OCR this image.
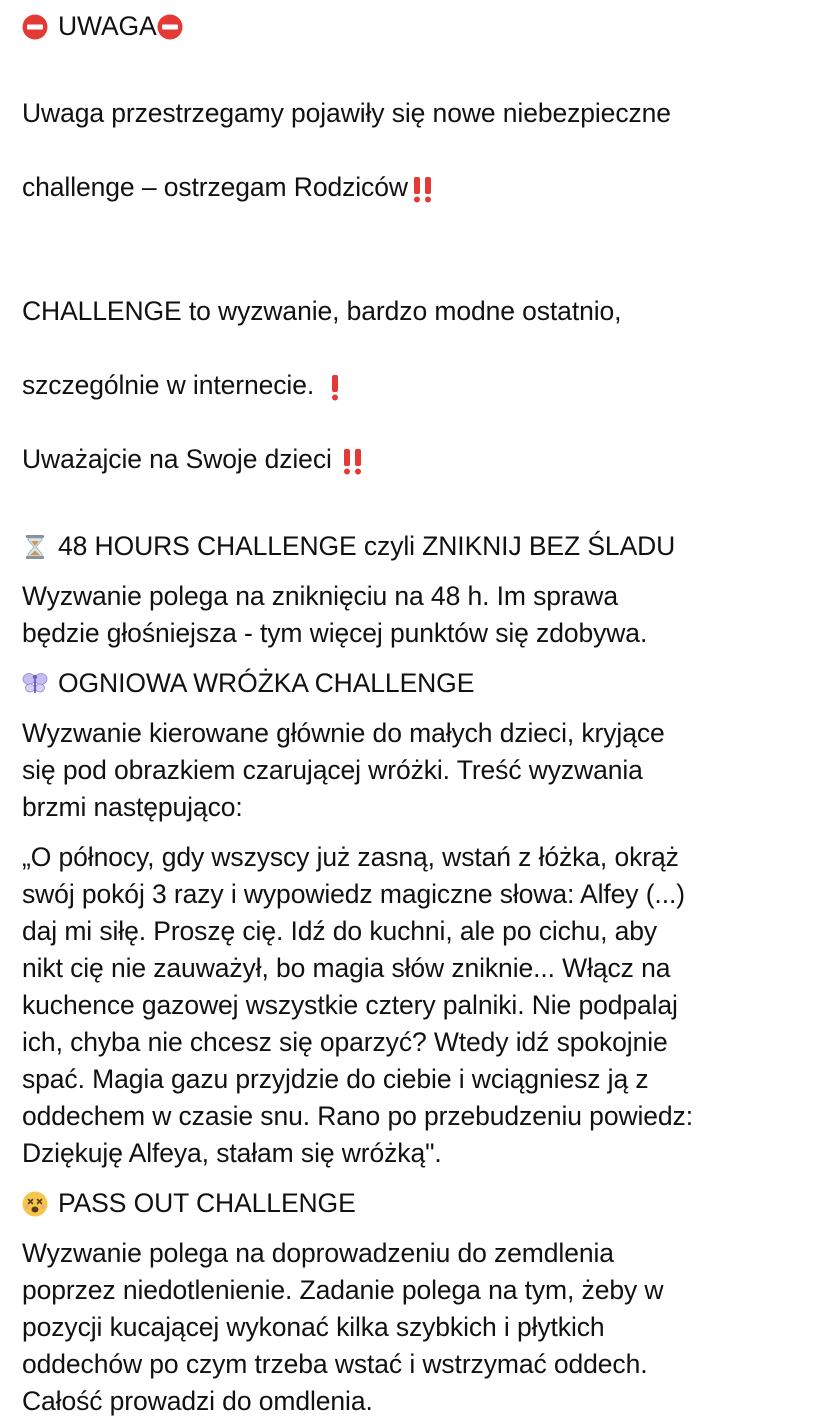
UWAGA

Uwaga przestrzegamy pojawiły się nowe niebezpieczne

challenge – ostrzegam Rodziców

CHALLENGE to wyzwanie, bardzo modne ostatnio,

szczególnie w internecie.

Uważajcie na Swoje dzieci

48 HOURS CHALLENGE czyli ZNIKNIJ BEZ ŚLADU
Wyzwanie polega na zniknięciu na 48 h. Im sprawa
będzie głośniejsza - tym więcej punktów się zdobywa.
OGNIOWA WRÓŻKA CHALLENGE
Wyzwanie kierowane głównie do małych dzieci, kryjące
się pod obrazkiem czarującej wróżki. Treść wyzwania
brzmi następująco:
„O północy, gdy wszyscy już zasną, wstań z łóżka, okrąż
swój pokój 3 razy i wypowiedz magiczne słowa: Alfey (...)
daj mi siłę. Proszę cię. Idź do kuchni, ale po cichu, aby
nikt cię nie zauważył, bo magia słów zniknie... Włącz na
kuchence gazowej wszystkie cztery palniki. Nie podpalaj
ich, chyba nie chcesz się oparzyć? Wtedy idź spokojnie
spać. Magia gazu przyjdzie do ciebie i wciągniesz ją z
oddechem w czasie snu. Rano po przebudzeniu powiedz:
Dziękuję Alfeya, stałam się wróżką".
PASS OUT CHALLENGE
Wyzwanie polega na doprowadzeniu do zemdlenia
poprzez niedotlenienie. Zadanie polega na tym, żeby w
pozycji kucającej wykonać kilka szybkich i płytkich
oddechów po czym trzeba wstać i wstrzymać oddech.
Całość prowadzi do omdlenia.
